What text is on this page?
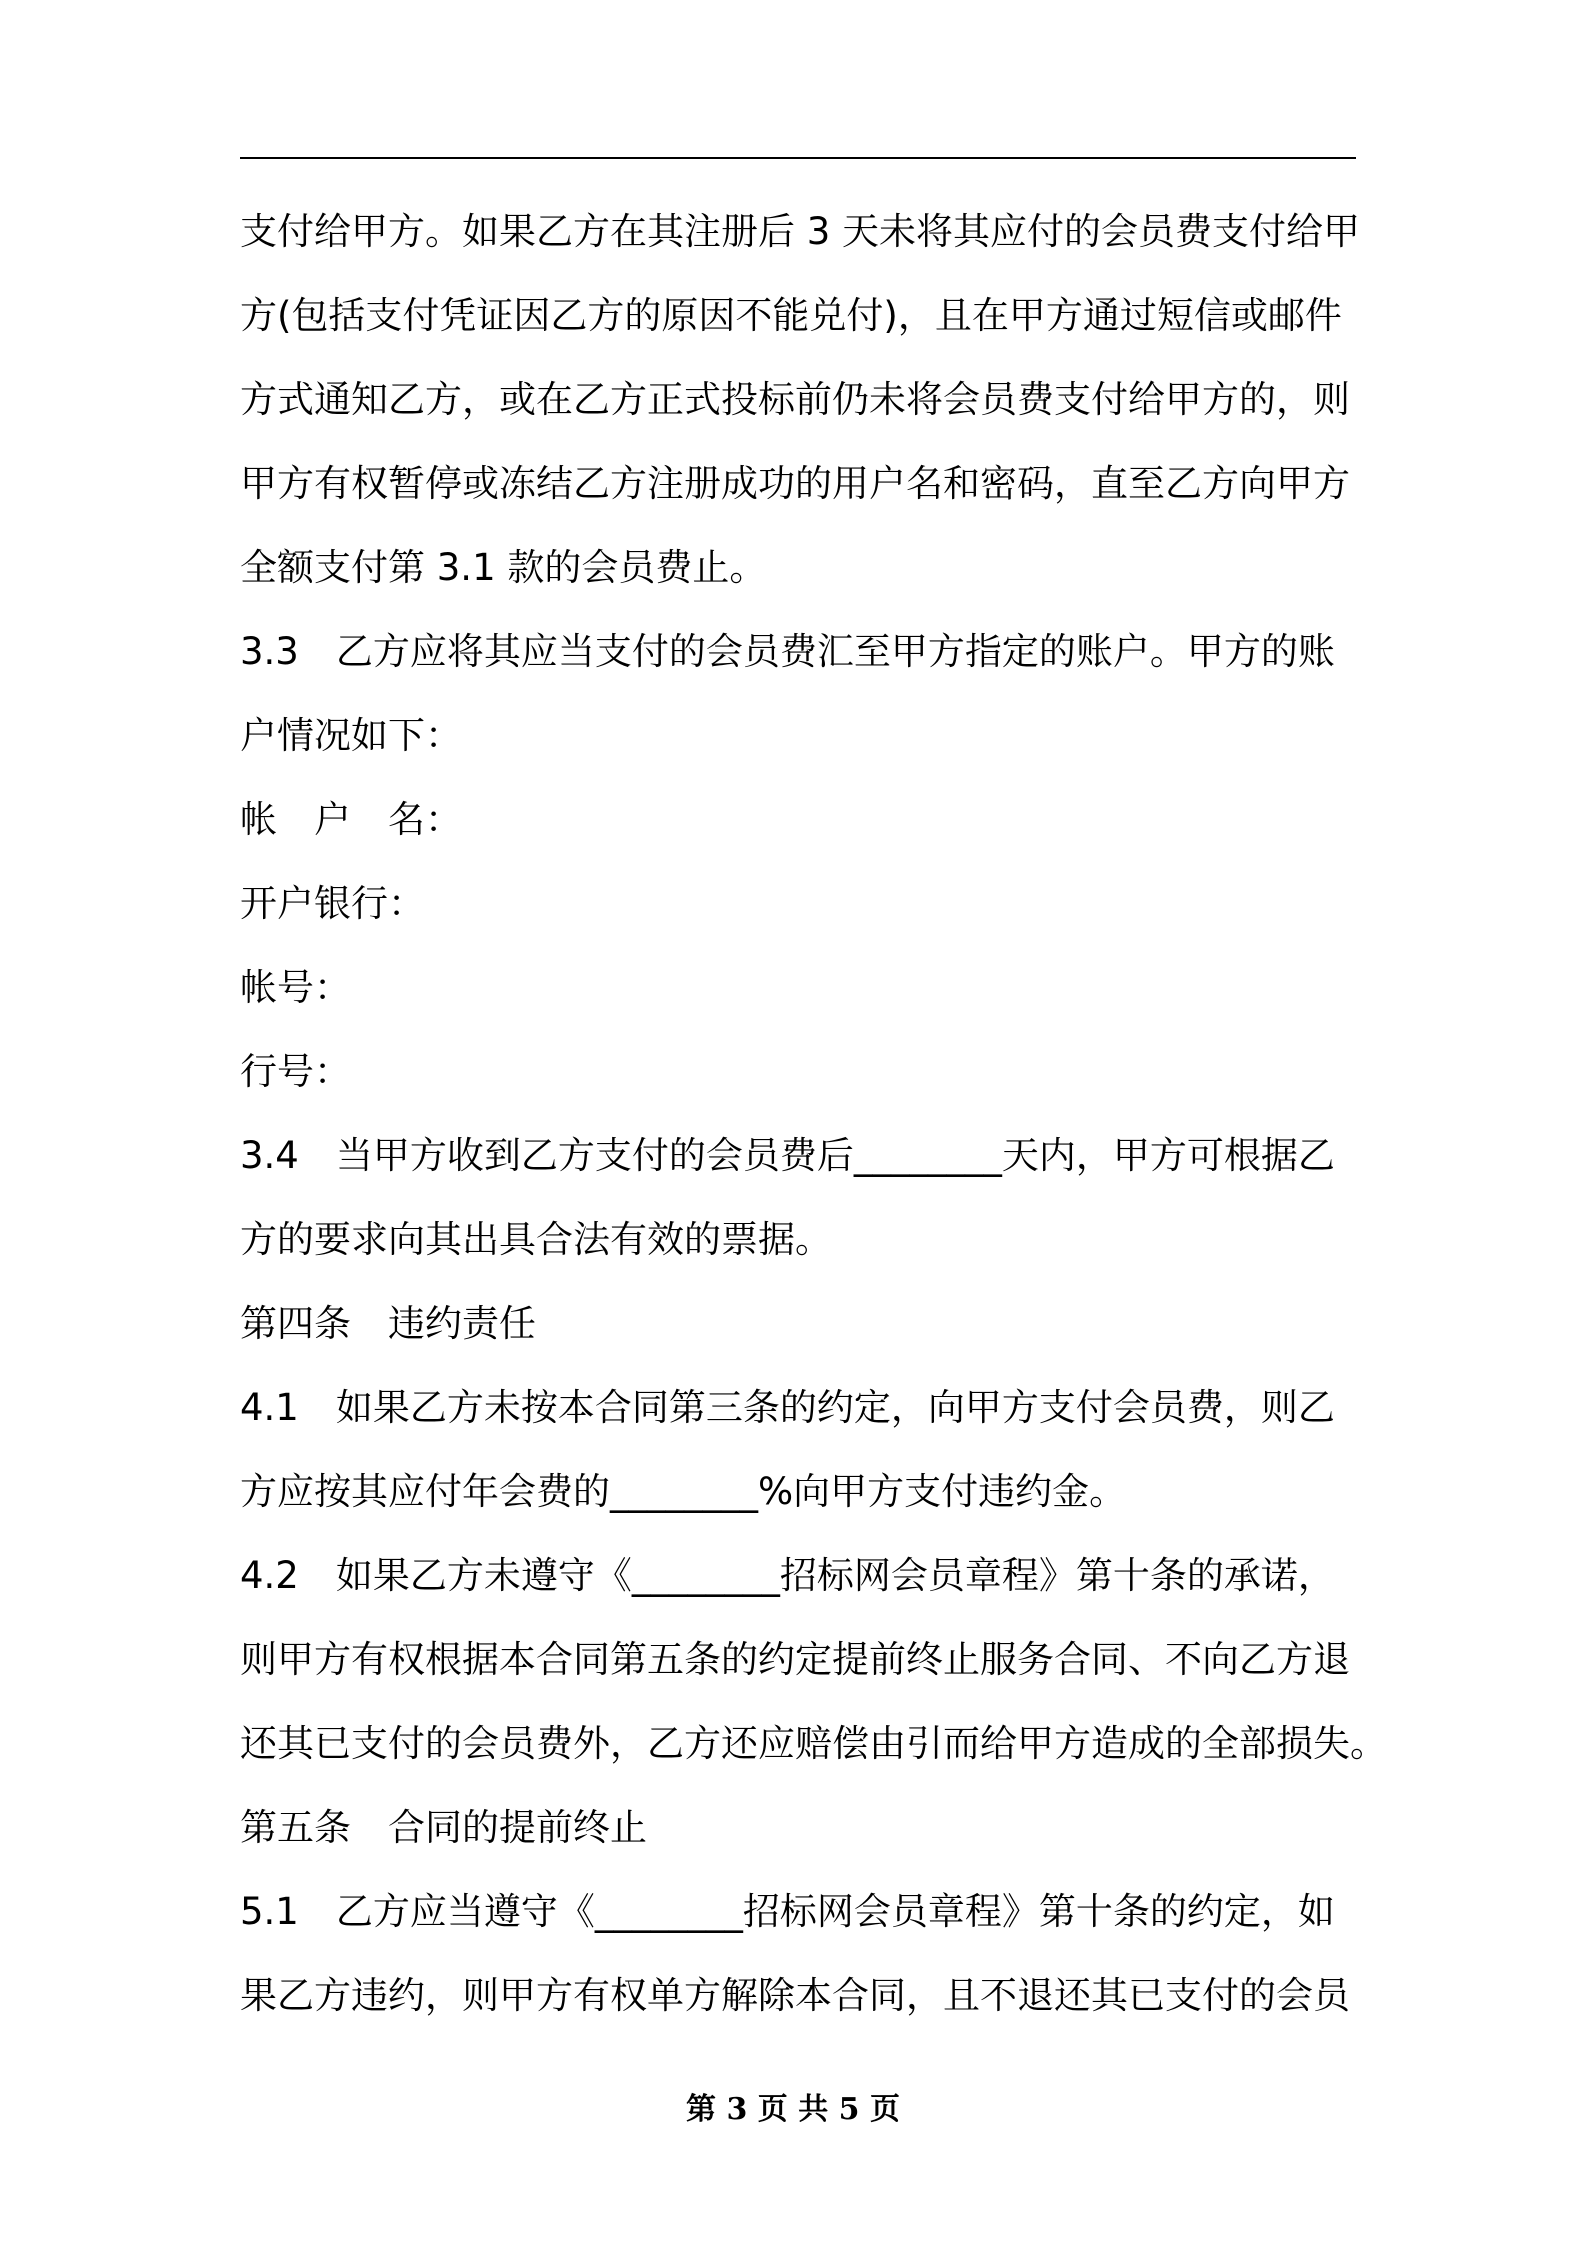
支付给甲方。如果乙方在其注册后 3 天未将其应付的会员费支付给甲
方(包括支付凭证因乙方的原因不能兑付)，且在甲方通过短信或邮件
方式通知乙方，或在乙方正式投标前仍未将会员费支付给甲方的，则
甲方有权暂停或冻结乙方注册成功的用户名和密码，直至乙方向甲方
全额支付第 3.1 款的会员费止。
3.3　乙方应将其应当支付的会员费汇至甲方指定的账户。甲方的账
户情况如下：
帐　户　名：
开户银行：
帐号：
行号：
3.4　当甲方收到乙方支付的会员费后________天内，甲方可根据乙
方的要求向其出具合法有效的票据。
第四条　违约责任
4.1　如果乙方未按本合同第三条的约定，向甲方支付会员费，则乙
方应按其应付年会费的________%向甲方支付违约金。
4.2　如果乙方未遵守《________招标网会员章程》第十条的承诺，
则甲方有权根据本合同第五条的约定提前终止服务合同、不向乙方退
还其已支付的会员费外，乙方还应赔偿由引而给甲方造成的全部损失。
第五条　合同的提前终止
5.1　乙方应当遵守《________招标网会员章程》第十条的约定，如
果乙方违约，则甲方有权单方解除本合同，且不退还其已支付的会员
第 3 页 共 5 页
